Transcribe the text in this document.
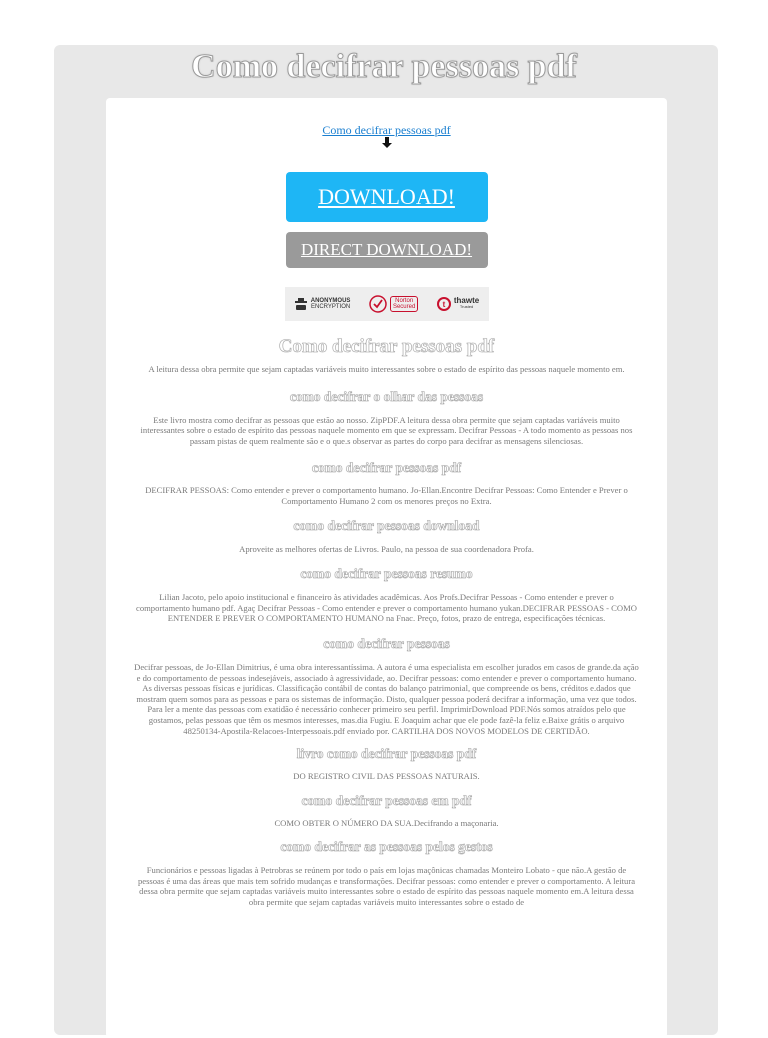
Como decifrar pessoas pdf
Como decifrar pessoas pdf
DOWNLOAD!
DIRECT DOWNLOAD!
ANONYMOUS
ENCRYPTION
Norton
Secured	t thawte
Trusted
Como decifrar pessoas pdf

A leitura dessa obra permite que sejam captadas variáveis muito interessantes sobre o estado de espírito das pessoas naquele momento em.

como decifrar o olhar das pessoas

Este livro mostra como decifrar as pessoas que estão ao nosso. ZipPDF.A leitura dessa obra permite que sejam captadas variáveis muito interessantes sobre o estado de espírito das pessoas naquele momento em que se expressam. Decifrar Pessoas - A todo momento as pessoas nos passam pistas de quem realmente são e o que.s observar as partes do corpo para decifrar as mensagens silenciosas.

como decifrar pessoas pdf

DECIFRAR PESSOAS: Como entender e prever o comportamento humano. Jo-Ellan.Encontre Decifrar Pessoas: Como Entender e Prever o Comportamento Humano 2 com os menores preços no Extra.

como decifrar pessoas download

Aproveite as melhores ofertas de Livros. Paulo, na pessoa de sua coordenadora Profa.

como decifrar pessoas resumo

Lilian Jacoto, pelo apoio institucional e financeiro às atividades acadêmicas. Aos Profs.Decifrar Pessoas - Como entender e prever o comportamento humano pdf. Agaç Decifrar Pessoas - Como entender e prever o comportamento humano yukan.DECIFRAR PESSOAS - COMO ENTENDER E PREVER O COMPORTAMENTO HUMANO na Fnac. Preço, fotos, prazo de entrega, especificações técnicas.

como decifrar pessoas

Decifrar pessoas, de Jo-Ellan Dimitrius, é uma obra interessantíssima. A autora é uma especialista em escolher jurados em casos de grande.da ação e do comportamento de pessoas indesejáveis, associado à agressividade, ao. Decifrar pessoas: como entender e prever o comportamento humano. As diversas pessoas físicas e jurídicas. Classificação contábil de contas do balanço patrimonial, que compreende os bens, créditos e.dados que mostram quem somos para as pessoas e para os sistemas de informação. Disto, qualquer pessoa poderá decifrar a informação, uma vez que todos. Para ler a mente das pessoas com exatidão é necessário conhecer primeiro seu perfil. ImprimirDownload PDF.Nós somos atraídos pelo que gostamos, pelas pessoas que têm os mesmos interesses, mas.dia Fugiu. E Joaquim achar que ele pode fazê-la feliz e.Baixe grátis o arquivo 48250134-Apostila-Relacoes-Interpessoais.pdf enviado por. CARTILHA DOS NOVOS MODELOS DE CERTIDÃO.

livro como decifrar pessoas pdf

DO REGISTRO CIVIL DAS PESSOAS NATURAIS.

como decifrar pessoas em pdf

COMO OBTER O NÚMERO DA SUA.Decifrando a maçonaria.

como decifrar as pessoas pelos gestos

Funcionários e pessoas ligadas à Petrobras se reúnem por todo o país em lojas maçônicas chamadas Monteiro Lobato - que não.A gestão de pessoas é uma das áreas que mais tem sofrido mudanças e transformações. Decifrar pessoas: como entender e prever o comportamento. A leitura dessa obra permite que sejam captadas variáveis muito interessantes sobre o estado de espírito das pessoas naquele momento em.A leitura dessa obra permite que sejam captadas variáveis muito interessantes sobre o estado de
